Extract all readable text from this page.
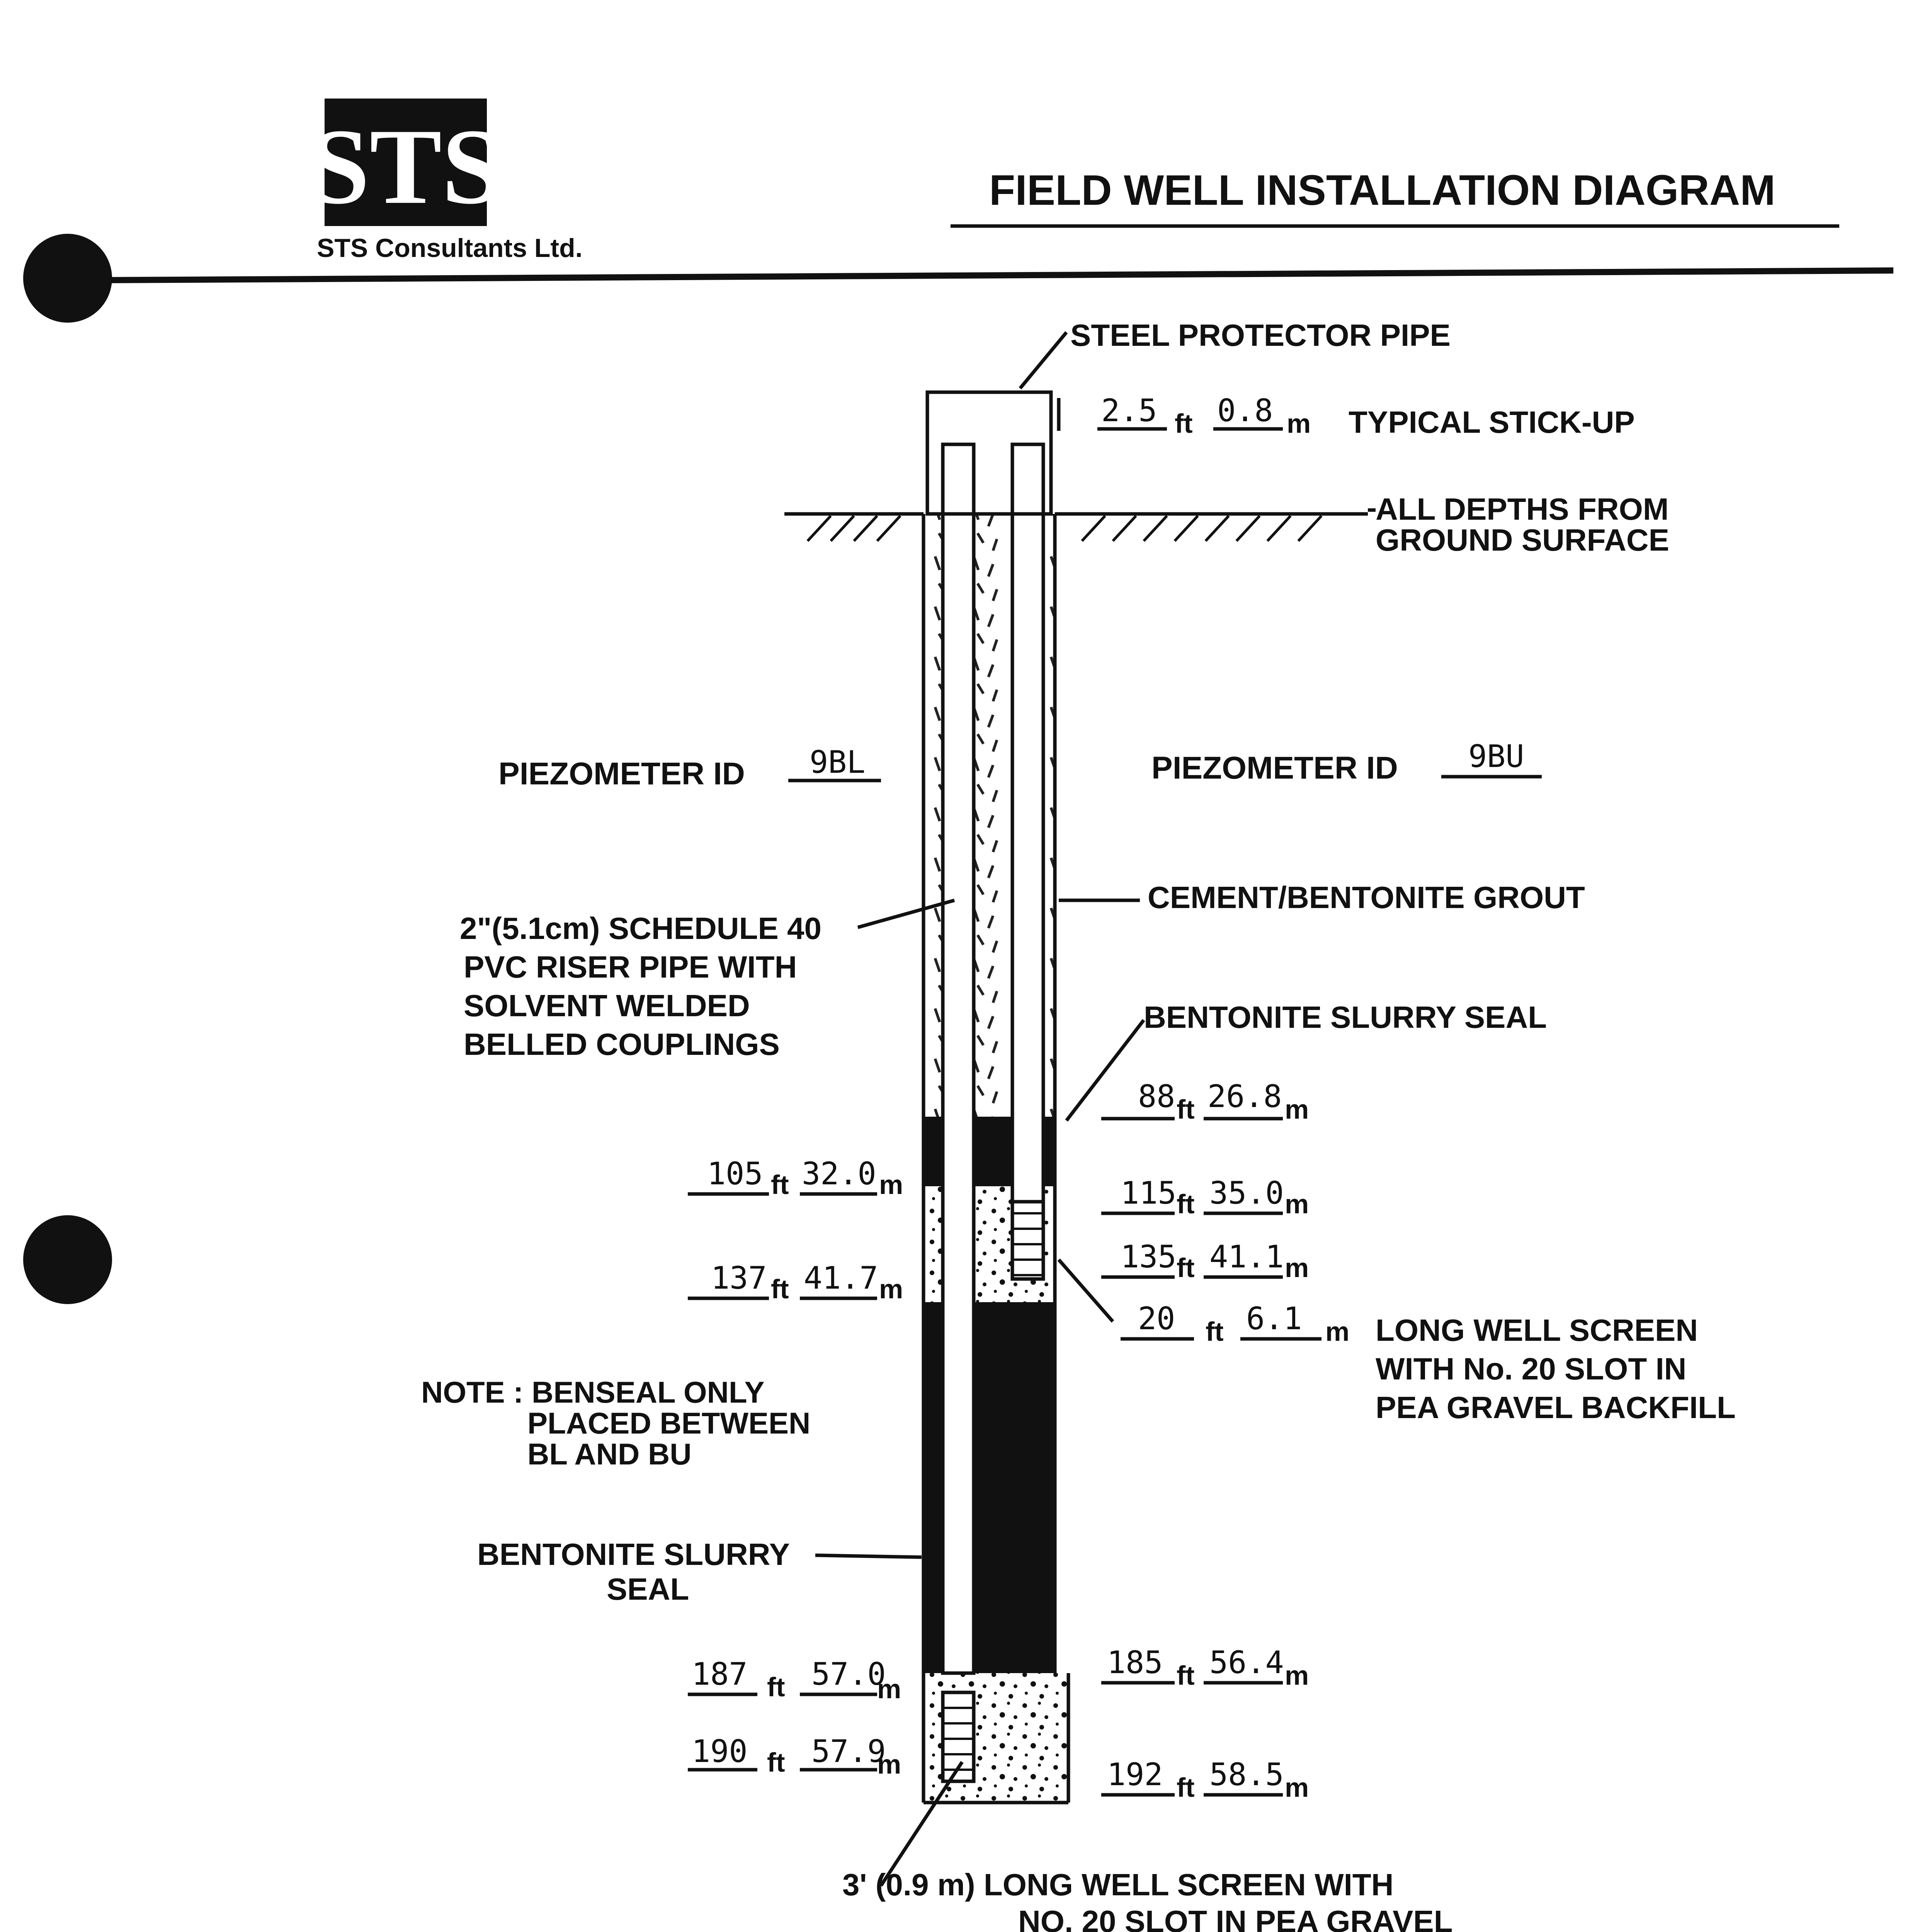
STS
STS Consultants Ltd.
FIELD WELL INSTALLATION DIAGRAM
STEEL PROTECTOR PIPE
2.5 ft 0.8 m TYPICAL STICK-UP
ALL DEPTHS FROM
GROUND SURFACE
PIEZOMETER ID 9BL	PIEZOMETER ID 9BU
2"(5.1cm) SCHEDULE 40
PVC RISER PIPE WITH
SOLVENT WELDED
BELLED COUPLINGS
CEMENT/BENTONITE GROUT
BENTONITE SLURRY SEAL
88 ft 26.8 m
105 ft 32.0 m	115 ft 35.0 m
135 ft 41.1 m
137 ft 41.7 m
20 ft 6.1 m LONG WELL SCREEN
WITH No. 20 SLOT IN
PEA GRAVEL BACKFILL
NOTE : BENSEAL ONLY
PLACED BETWEEN
BL AND BU
BENTONITE SLURRY
SEAL
185 ft 56.4 m
187 ft 57.0
m
190 ft 57.9
m	192 ft 58.5 m
3' (0.9 m) LONG WELL SCREEN WITH
NO. 20 SLOT IN PEA GRAVEL
